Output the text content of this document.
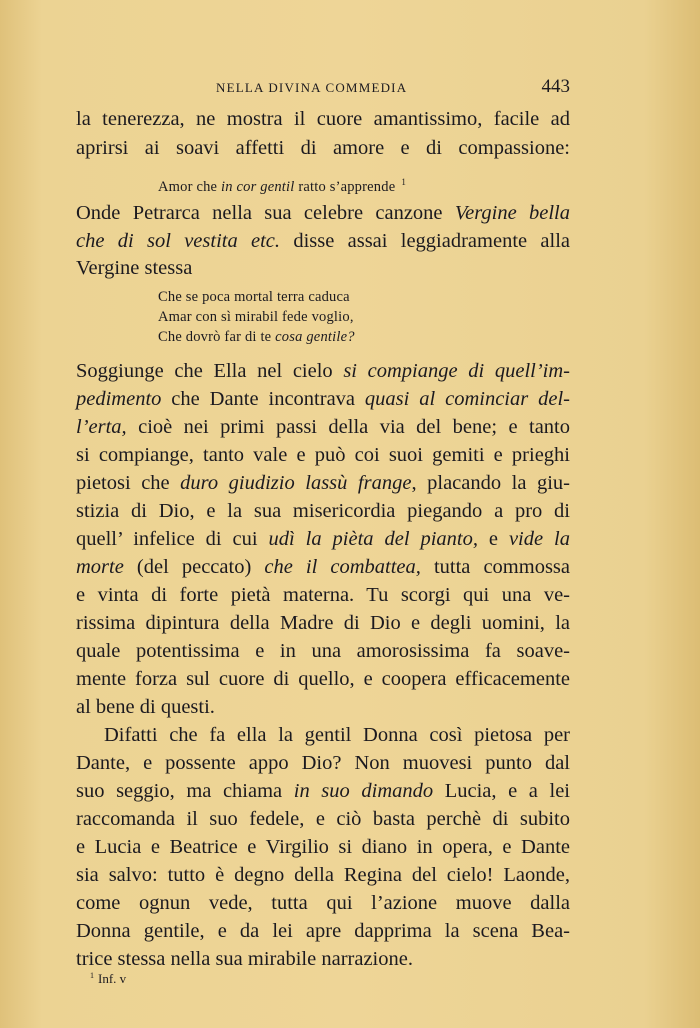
NELLA DIVINA COMMEDIA	443
la tenerezza, ne mostra il cuore amantissimo, facile ad
aprirsi ai soavi affetti di amore e di compassione:
Amor che in cor gentil ratto s’apprende $^1$
Onde Petrarca nella sua celebre canzone Vergine bella
che di sol vestita etc. disse assai leggiadramente alla
Vergine stessa
Che se poca mortal terra caduca
Amar con sì mirabil fede voglio,
Che dovrò far di te cosa gentile?
Soggiunge che Ella nel cielo si compiange di quell’im-
pedimento che Dante incontrava quasi al cominciar del-
l’erta, cioè nei primi passi della via del bene; e tanto
si compiange, tanto vale e può coi suoi gemiti e prieghi
pietosi che duro giudizio lassù frange, placando la giu-
stizia di Dio, e la sua misericordia piegando a pro di
quell’ infelice di cui udì la pièta del pianto, e vide la
morte (del peccato) che il combattea, tutta commossa
e vinta di forte pietà materna. Tu scorgi qui una ve-
rissima dipintura della Madre di Dio e degli uomini, la
quale potentissima e in una amorosissima fa soave-
mente forza sul cuore di quello, e coopera efficacemente
al bene di questi.
Difatti che fa ella la gentil Donna così pietosa per
Dante, e possente appo Dio? Non muovesi punto dal
suo seggio, ma chiama in suo dimando Lucia, e a lei
raccomanda il suo fedele, e ciò basta perchè di subito
e Lucia e Beatrice e Virgilio si diano in opera, e Dante
sia salvo: tutto è degno della Regina del cielo! Laonde,
come ognun vede, tutta qui l’azione muove dalla
Donna gentile, e da lei apre dapprima la scena Bea-
trice stessa nella sua mirabile narrazione.
$^1$ Inf. v
